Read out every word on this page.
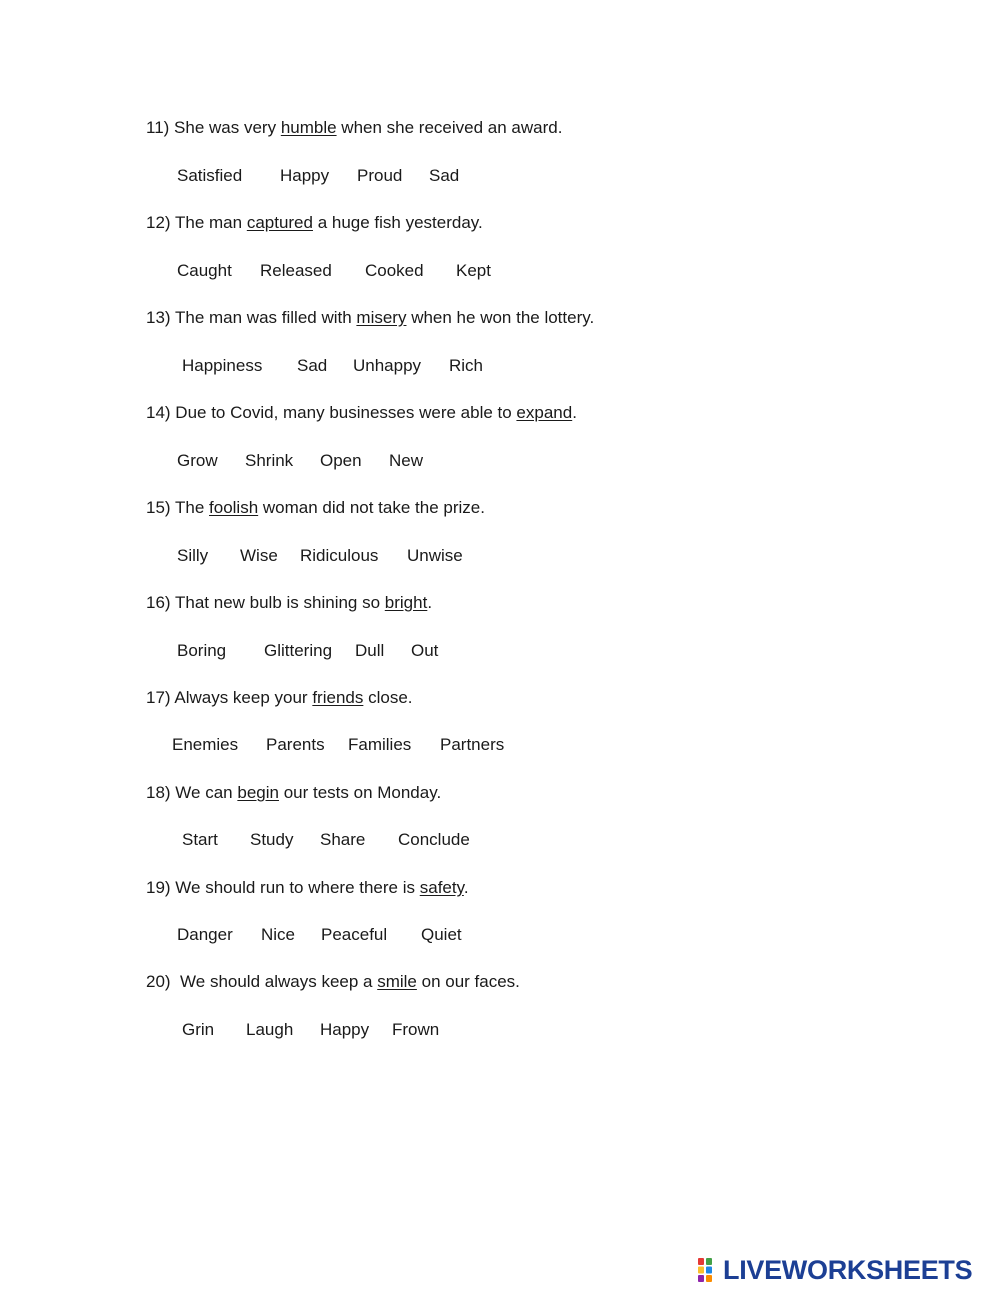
11) She was very humble when she received an award.
Satisfied Happy Proud Sad
12) The man captured a huge fish yesterday.
Caught Released Cooked Kept
13) The man was filled with misery when he won the lottery.
Happiness Sad Unhappy Rich
14) Due to Covid, many businesses were able to expand.
Grow Shrink Open New
15) The foolish woman did not take the prize.
Silly Wise Ridiculous Unwise
16) That new bulb is shining so bright.
Boring Glittering Dull Out
17) Always keep your friends close.
Enemies Parents Families Partners
18) We can begin our tests on Monday.
Start Study Share Conclude
19) We should run to where there is safety.
Danger Nice Peaceful Quiet
20)  We should always keep a smile on our faces.
Grin Laugh Happy Frown
LIVEWORKSHEETS
